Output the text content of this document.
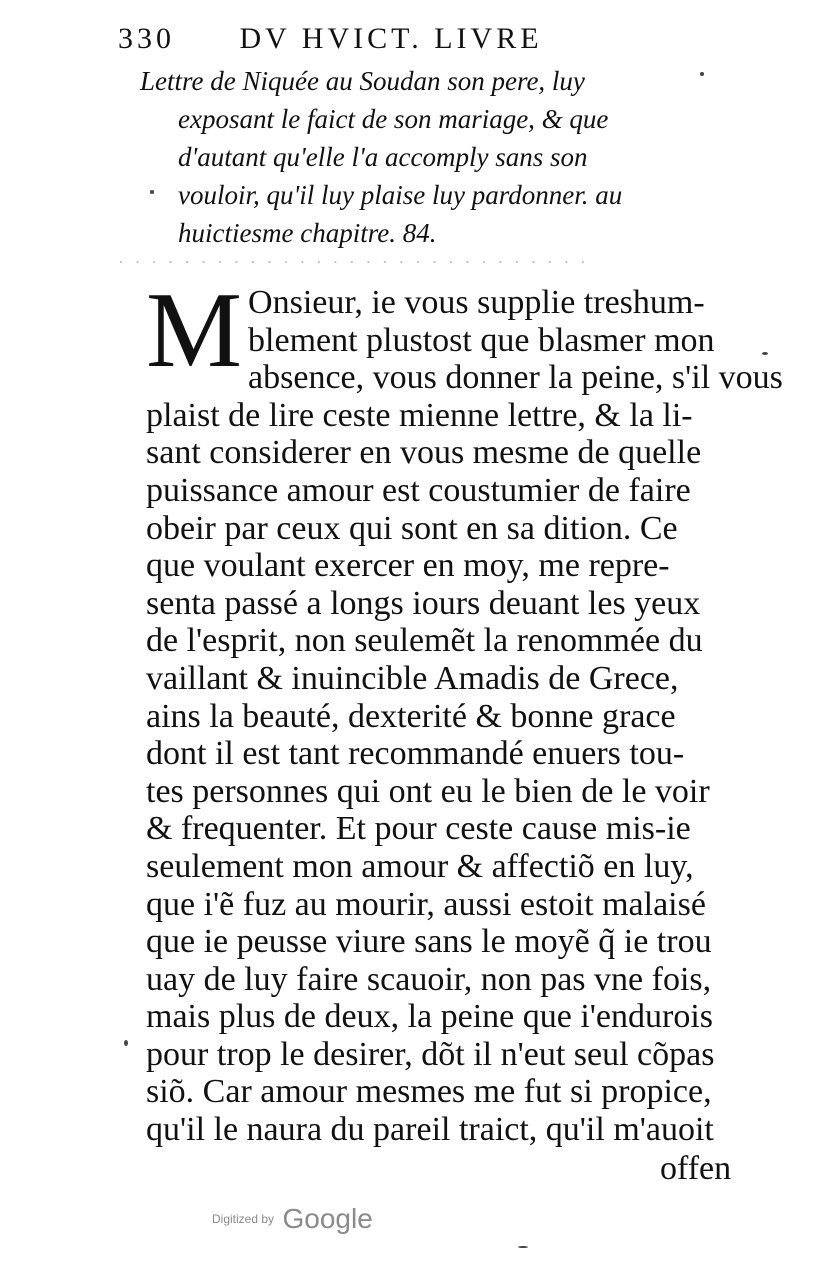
330 DV HVICT. LIVRE
Lettre de Niquée au Soudan son pere, luy
exposant le faict de son mariage, & que
d'autant qu'elle l'a accomply sans son
vouloir, qu'il luy plaise luy pardonner. au
huictiesme chapitre. 84.
· · · · · · · · · · · · · · · · · · · · · · · · · · · · ·
M Onsieur, ie vous supplie treshum-
blement plustost que blasmer mon
absence, vous donner la peine, s'il vous
plaist de lire ceste mienne lettre, & la li-
sant considerer en vous mesme de quelle
puissance amour est coustumier de faire
obeir par ceux qui sont en sa dition. Ce
que voulant exercer en moy, me repre-
senta passé a longs iours deuant les yeux
de l'esprit, non seulemẽt la renommée du
vaillant & inuincible Amadis de Grece,
ains la beauté, dexterité & bonne grace
dont il est tant recommandé enuers tou-
tes personnes qui ont eu le bien de le voir
& frequenter. Et pour ceste cause mis-ie
seulement mon amour & affectiõ en luy,
que i'ẽ fuz au mourir, aussi estoit malaisé
que ie peusse viure sans le moyẽ q̃ ie trou
uay de luy faire scauoir, non pas vne fois,
mais plus de deux, la peine que i'endurois
pour trop le desirer, dõt il n'eut seul cõpas
siõ. Car amour mesmes me fut si propice,
qu'il le naura du pareil traict, qu'il m'auoit
offen
Digitized by Google
